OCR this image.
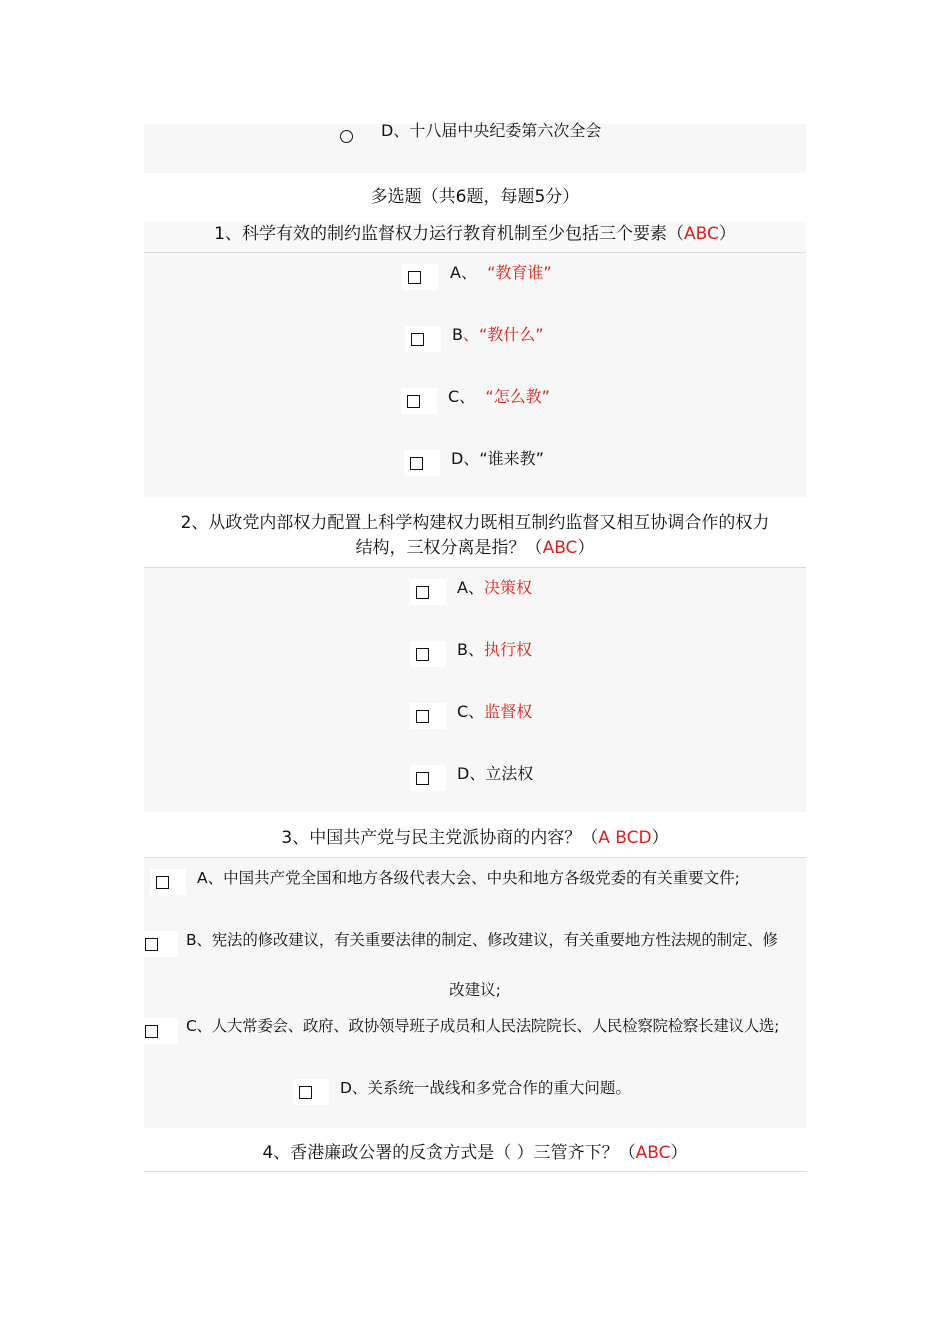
D、十八届中央纪委第六次全会
多选题（共6题，每题5分）
1、科学有效的制约监督权力运行教育机制至少包括三个要素（ABC）
A、 “教育谁”
B、“教什么”
C、 “怎么教”
D、“谁来教”
2、从政党内部权力配置上科学构建权力既相互制约监督又相互协调合作的权力
结构，三权分离是指？（ABC）
A、决策权
B、执行权
C、监督权
D、立法权
3、中国共产党与民主党派协商的内容？（A BCD）
A、中国共产党全国和地方各级代表大会、中央和地方各级党委的有关重要文件;
B、宪法的修改建议，有关重要法律的制定、修改建议，有关重要地方性法规的制定、修
改建议;
C、人大常委会、政府、政协领导班子成员和人民法院院长、人民检察院检察长建议人选;
D、关系统一战线和多党合作的重大问题。
4、香港廉政公署的反贪方式是（ ）三管齐下？（ABC）
